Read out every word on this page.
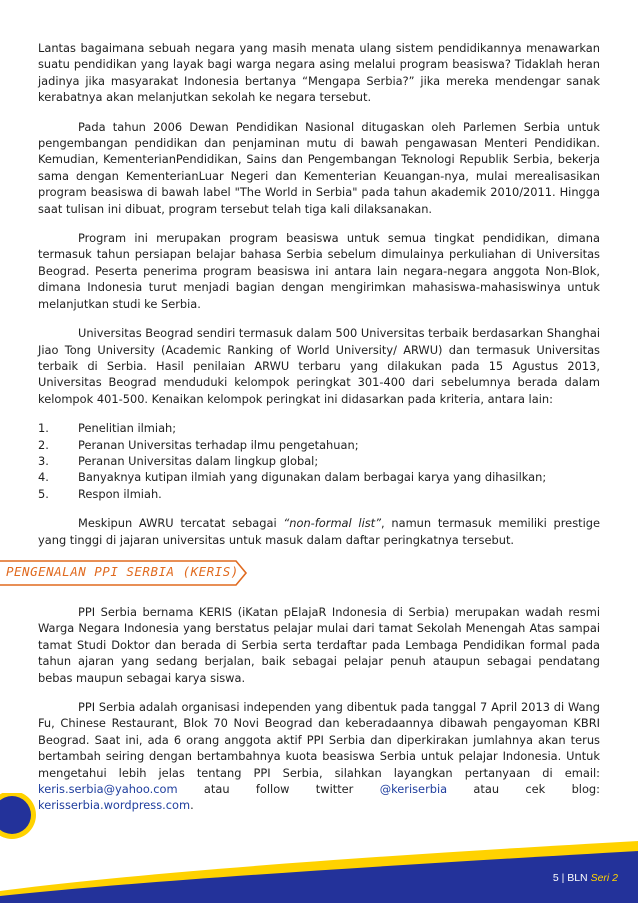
Lantas bagaimana sebuah negara yang masih menata ulang sistem pendidikannya menawarkan suatu pendidikan yang layak bagi warga negara asing melalui program beasiswa? Tidaklah heran jadinya jika masyarakat Indonesia bertanya “Mengapa Serbia?” jika mereka mendengar sanak kerabatnya akan melanjutkan sekolah ke negara tersebut.

Pada tahun 2006 Dewan Pendidikan Nasional ditugaskan oleh Parlemen Serbia untuk pengembangan pendidikan dan penjaminan mutu di bawah pengawasan Menteri Pendidikan. Kemudian, KementerianPendidikan, Sains dan Pengembangan Teknologi Republik Serbia, bekerja sama dengan KementerianLuar Negeri dan Kementerian Keuangan-nya, mulai merealisasikan program beasiswa di bawah label "The World in Serbia" pada tahun akademik 2010/2011. Hingga saat tulisan ini dibuat, program tersebut telah tiga kali dilaksanakan.

Program ini merupakan program beasiswa untuk semua tingkat pendidikan, dimana termasuk tahun persiapan belajar bahasa Serbia sebelum dimulainya perkuliahan di Universitas Beograd. Peserta penerima program beasiswa ini antara lain negara-negara anggota Non-Blok, dimana Indonesia turut menjadi bagian dengan mengirimkan mahasiswa-mahasiswinya untuk melanjutkan studi ke Serbia.

Universitas Beograd sendiri termasuk dalam 500 Universitas terbaik berdasarkan Shanghai Jiao Tong University (Academic Ranking of World University/ ARWU) dan termasuk Universitas terbaik di Serbia. Hasil penilaian ARWU terbaru yang dilakukan pada 15 Agustus 2013, Universitas Beograd menduduki kelompok peringkat 301-400 dari sebelumnya berada dalam kelompok 401-500. Kenaikan kelompok peringkat ini didasarkan pada kriteria, antara lain:

1.	Penelitian ilmiah;
2.	Peranan Universitas terhadap ilmu pengetahuan;
3.	Peranan Universitas dalam lingkup global;
4.	Banyaknya kutipan ilmiah yang digunakan dalam berbagai karya yang dihasilkan;
5.	Respon ilmiah.

Meskipun AWRU tercatat sebagai “non-formal list”, namun termasuk memiliki prestige yang tinggi di jajaran universitas untuk masuk dalam daftar peringkatnya tersebut.

PPI Serbia bernama KERIS (iKatan pElajaR Indonesia di Serbia) merupakan wadah resmi Warga Negara Indonesia yang berstatus pelajar mulai dari tamat Sekolah Menengah Atas sampai tamat Studi Doktor dan berada di Serbia serta terdaftar pada Lembaga Pendidikan formal pada tahun ajaran yang sedang berjalan, baik sebagai pelajar penuh ataupun sebagai pendatang bebas maupun sebagai karya siswa.

PPI Serbia adalah organisasi independen yang dibentuk pada tanggal 7 April 2013 di Wang Fu, Chinese Restaurant, Blok 70 Novi Beograd dan keberadaannya dibawah pengayoman KBRI Beograd. Saat ini, ada 6 orang anggota aktif PPI Serbia dan diperkirakan jumlahnya akan terus bertambah seiring dengan bertambahnya kuota beasiswa Serbia untuk pelajar Indonesia. Untuk mengetahui lebih jelas tentang PPI Serbia, silahkan layangkan pertanyaan di email: keris.serbia@yahoo.com atau follow twitter @keriserbia atau cek blog: kerisserbia.wordpress.com.

PENGENALAN PPI SERBIA (KERIS)
5 | BLN Seri 2
